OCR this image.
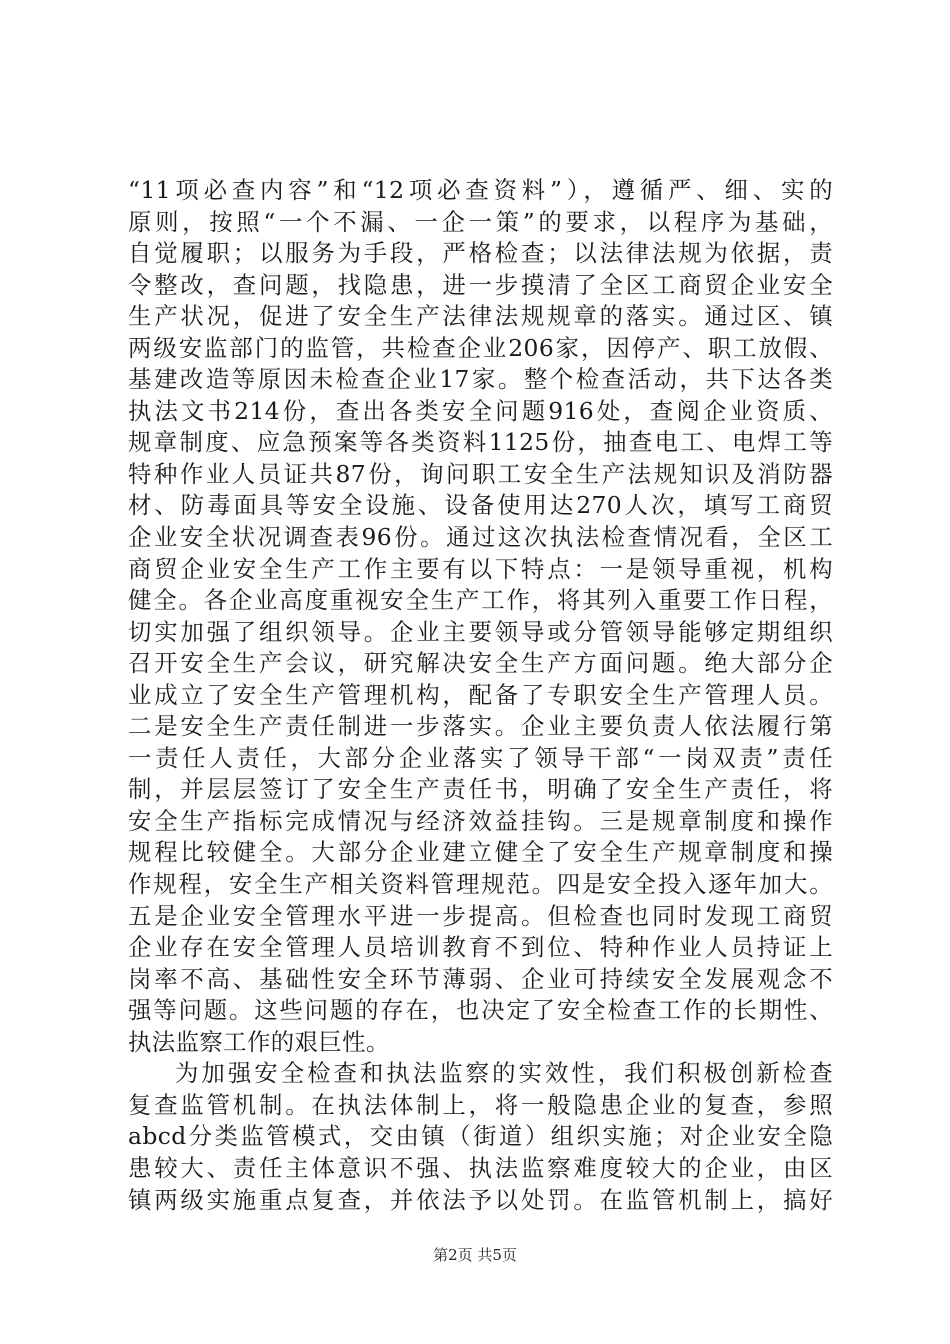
“11项必查内容”和“12项必查资料”），遵循严、细、实的
原则，按照“一个不漏、一企一策”的要求，以程序为基础，
自觉履职；以服务为手段，严格检查；以法律法规为依据，责
令整改，查问题，找隐患，进一步摸清了全区工商贸企业安全
生产状况，促进了安全生产法律法规规章的落实。通过区、镇
两级安监部门的监管，共检查企业206家，因停产、职工放假、
基建改造等原因未检查企业17家。整个检查活动，共下达各类
执法文书214份，查出各类安全问题916处，查阅企业资质、
规章制度、应急预案等各类资料1125份，抽查电工、电焊工等
特种作业人员证共87份，询问职工安全生产法规知识及消防器
材、防毒面具等安全设施、设备使用达270人次，填写工商贸
企业安全状况调查表96份。通过这次执法检查情况看，全区工
商贸企业安全生产工作主要有以下特点：一是领导重视，机构
健全。各企业高度重视安全生产工作，将其列入重要工作日程，
切实加强了组织领导。企业主要领导或分管领导能够定期组织
召开安全生产会议，研究解决安全生产方面问题。绝大部分企
业成立了安全生产管理机构，配备了专职安全生产管理人员。
二是安全生产责任制进一步落实。企业主要负责人依法履行第
一责任人责任，大部分企业落实了领导干部“一岗双责”责任
制，并层层签订了安全生产责任书，明确了安全生产责任，将
安全生产指标完成情况与经济效益挂钩。三是规章制度和操作
规程比较健全。大部分企业建立健全了安全生产规章制度和操
作规程，安全生产相关资料管理规范。四是安全投入逐年加大。
五是企业安全管理水平进一步提高。但检查也同时发现工商贸
企业存在安全管理人员培训教育不到位、特种作业人员持证上
岗率不高、基础性安全环节薄弱、企业可持续安全发展观念不
强等问题。这些问题的存在，也决定了安全检查工作的长期性、
执法监察工作的艰巨性。
为加强安全检查和执法监察的实效性，我们积极创新检查
复查监管机制。在执法体制上，将一般隐患企业的复查，参照
abcd分类监管模式，交由镇（街道）组织实施；对企业安全隐
患较大、责任主体意识不强、执法监察难度较大的企业，由区
镇两级实施重点复查，并依法予以处罚。在监管机制上，搞好
第2页 共5页
